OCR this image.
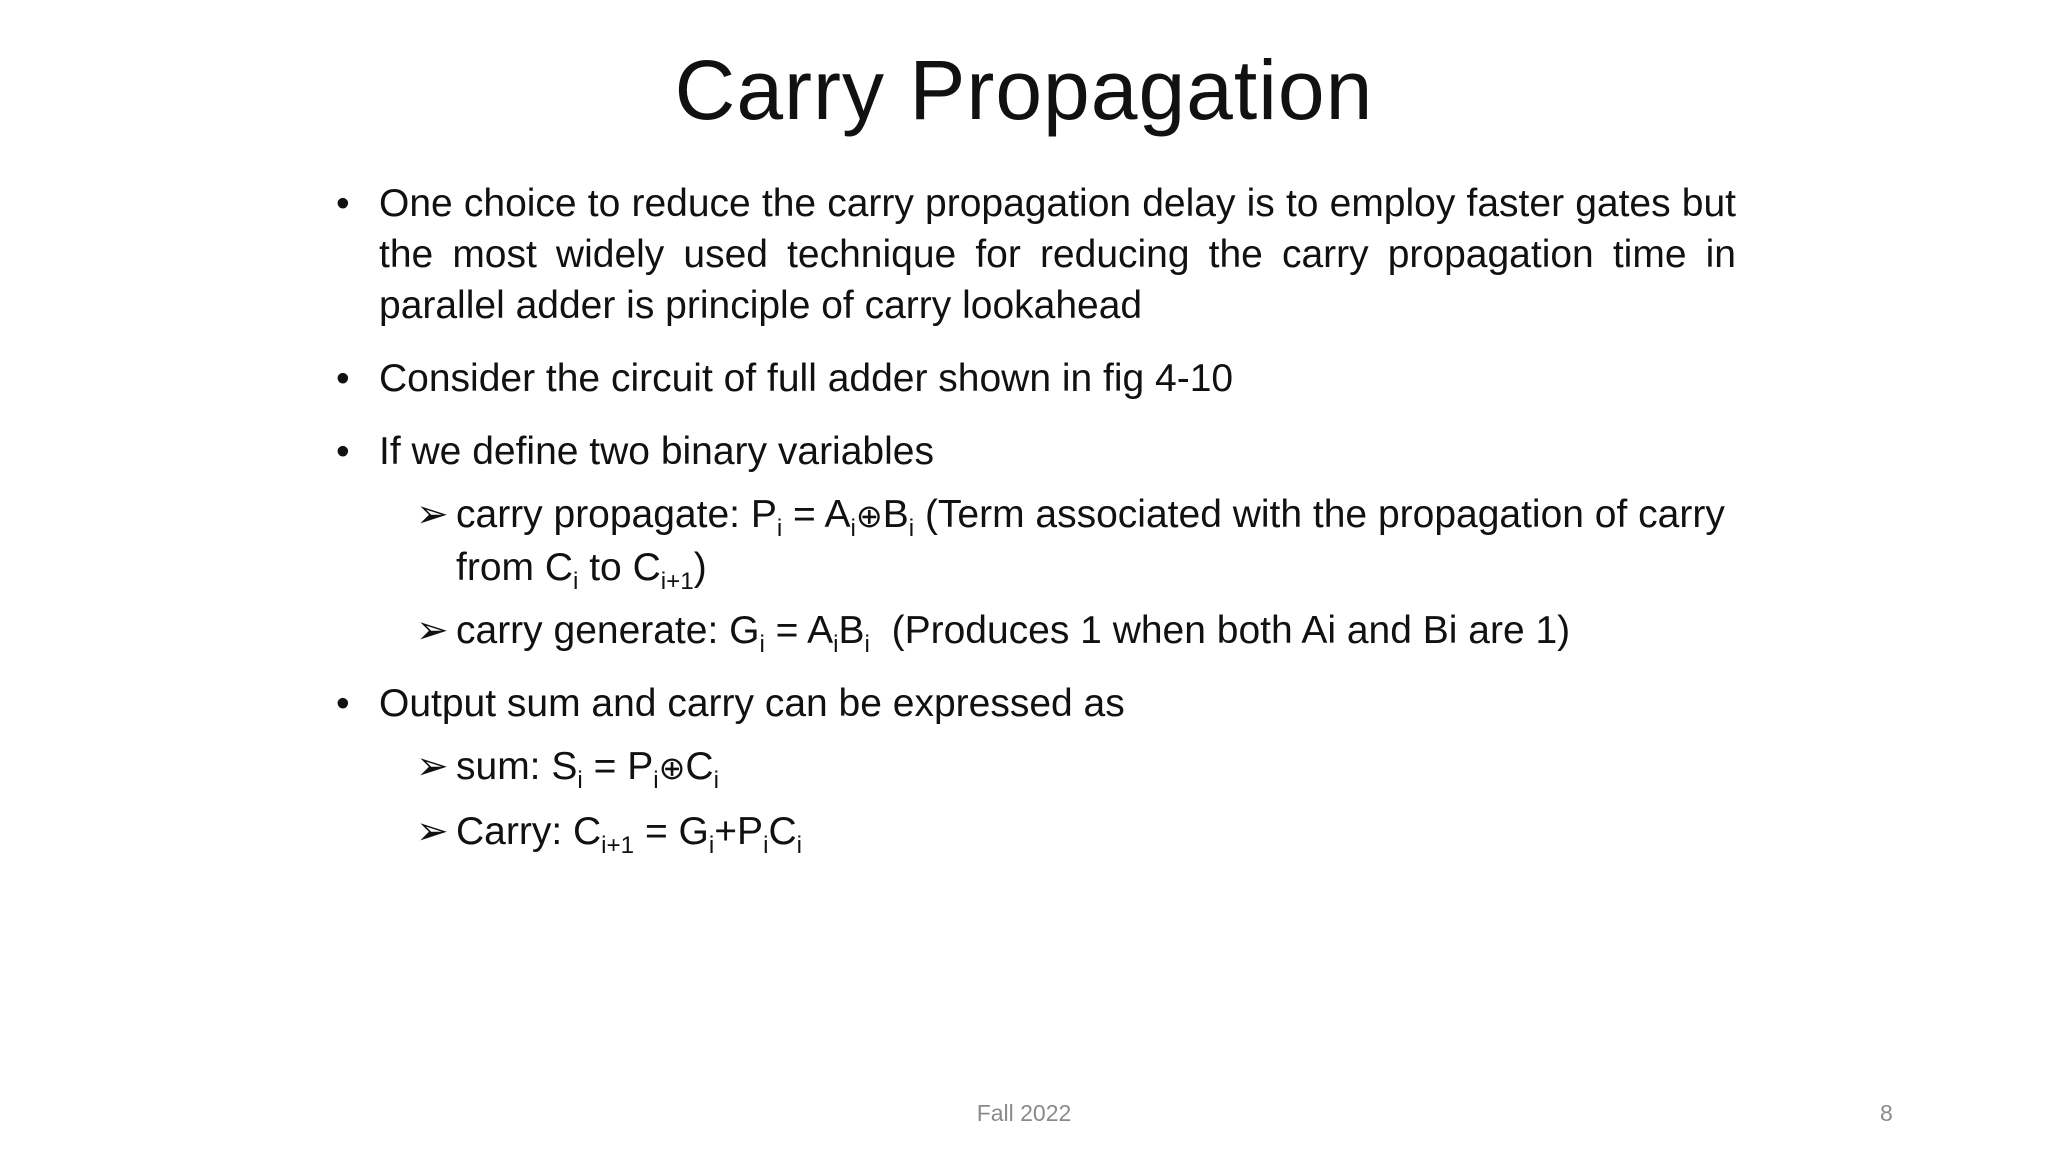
Carry Propagation
• One choice to reduce the carry propagation delay is to employ faster gates but the most widely used technique for reducing the carry propagation time in parallel adder is principle of carry lookahead
• Consider the circuit of full adder shown in fig 4-10
• If we define two binary variables
➢ carry propagate: $P_i$ = $A_i\oplus B_i$ (Term associated with the propagation of carry from $C_i$ to $C_{i+1}$)
➢ carry generate: $G_i = A_iB_i$  (Produces 1 when both Ai and Bi are 1)
• Output sum and carry can be expressed as
➢ sum: $S_i$ = $P_i\oplus C_i$
➢ Carry: $C_{i+1} = G_i+P_iC_i$
Fall 2022	8
